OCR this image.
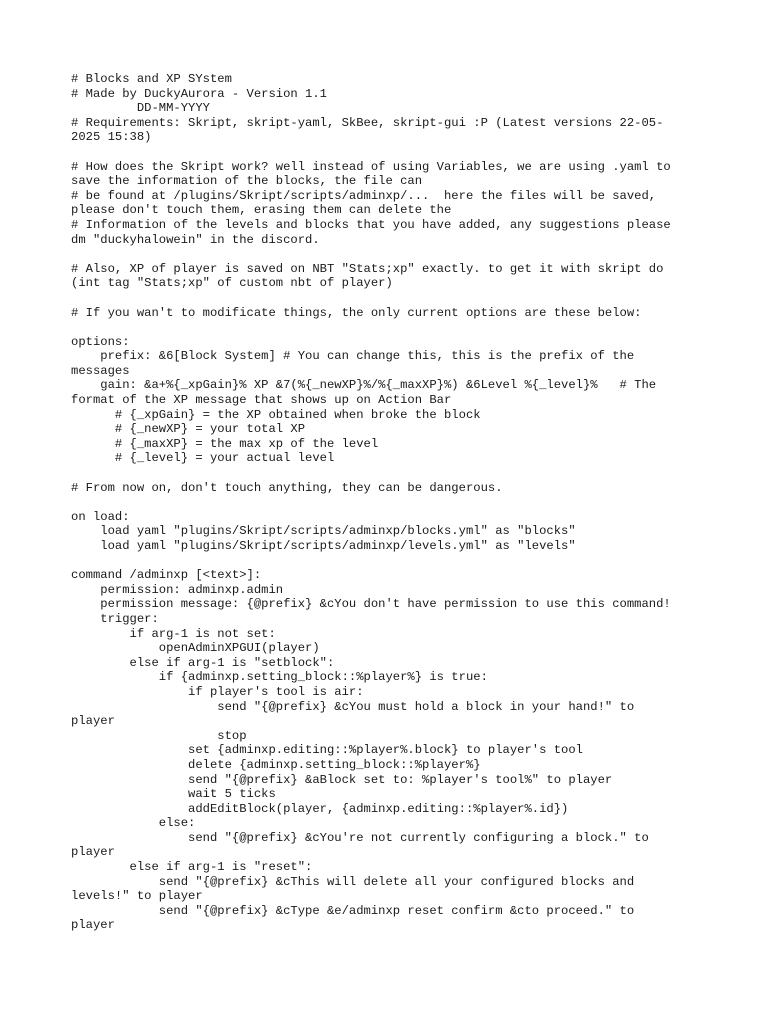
# Blocks and XP SYstem
# Made by DuckyAurora - Version 1.1
DD-MM-YYYY
# Requirements: Skript, skript-yaml, SkBee, skript-gui :P (Latest versions 22-05-
2025 15:38)
# How does the Skript work? well instead of using Variables, we are using .yaml to
save the information of the blocks, the file can
# be found at /plugins/Skript/scripts/adminxp/...  here the files will be saved,
please don't touch them, erasing them can delete the
# Information of the levels and blocks that you have added, any suggestions please
dm "duckyhalowein" in the discord.
# Also, XP of player is saved on NBT "Stats;xp" exactly. to get it with skript do
(int tag "Stats;xp" of custom nbt of player)
# If you wan't to modificate things, the only current options are these below:
options:
prefix: &6[Block System] # You can change this, this is the prefix of the
messages
gain: &a+%{_xpGain}% XP &7(%{_newXP}%/%{_maxXP}%) &6Level %{_level}%   # The
format of the XP message that shows up on Action Bar
# {_xpGain} = the XP obtained when broke the block
# {_newXP} = your total XP
# {_maxXP} = the max xp of the level
# {_level} = your actual level
# From now on, don't touch anything, they can be dangerous.
on load:
load yaml "plugins/Skript/scripts/adminxp/blocks.yml" as "blocks"
load yaml "plugins/Skript/scripts/adminxp/levels.yml" as "levels"
command /adminxp [<text>]:
permission: adminxp.admin
permission message: {@prefix} &cYou don't have permission to use this command!
trigger:
if arg-1 is not set:
openAdminXPGUI(player)
else if arg-1 is "setblock":
if {adminxp.setting_block::%player%} is true:
if player's tool is air:
send "{@prefix} &cYou must hold a block in your hand!" to
player
stop
set {adminxp.editing::%player%.block} to player's tool
delete {adminxp.setting_block::%player%}
send "{@prefix} &aBlock set to: %player's tool%" to player
wait 5 ticks
addEditBlock(player, {adminxp.editing::%player%.id})
else:
send "{@prefix} &cYou're not currently configuring a block." to
player
else if arg-1 is "reset":
send "{@prefix} &cThis will delete all your configured blocks and
levels!" to player
send "{@prefix} &cType &e/adminxp reset confirm &cto proceed." to
player
